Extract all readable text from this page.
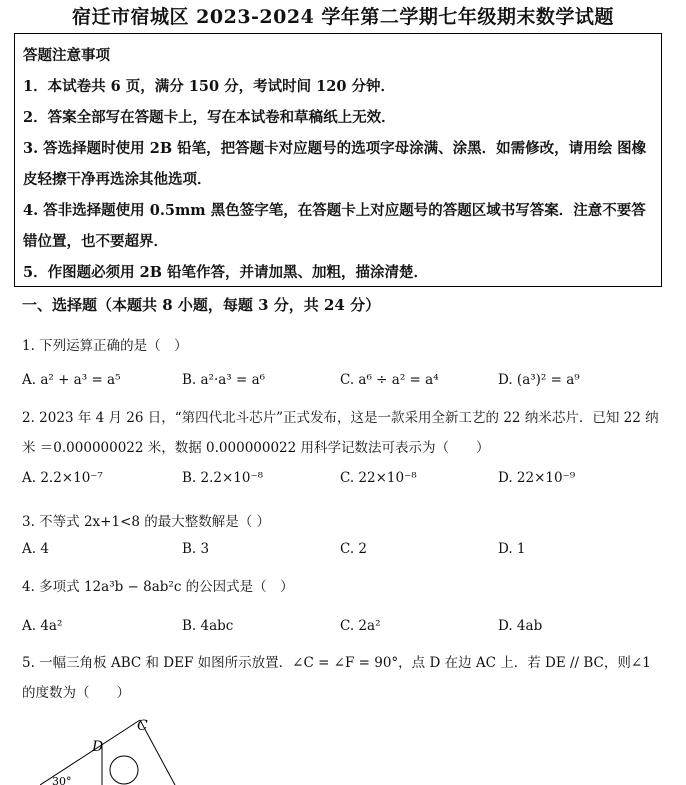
宿迁市宿城区 2023-2024 学年第二学期七年级期末数学试题

答题注意事项

1．本试卷共 6 页，满分 150 分，考试时间 120 分钟．

2．答案全部写在答题卡上，写在本试卷和草稿纸上无效．

3. 答选择题时使用 2B 铅笔，把答题卡对应题号的选项字母涂满、涂黑．如需修改，请用绘 图橡皮轻擦干净再选涂其他选项．

4. 答非选择题使用 0.5mm 黑色签字笔，在答题卡上对应题号的答题区域书写答案．注意不要答错位置，也不要超界．

5．作图题必须用 2B 铅笔作答，并请加黑、加粗，描涂清楚．

一、选择题（本题共 8 小题，每题 3 分，共 24 分）
1. 下列运算正确的是（　）
A. a² + a³ = a⁵	B. a²·a³ = a⁶	C. a⁶ ÷ a² = a⁴	D. (a³)² = a⁹
2. 2023 年 4 月 26 日，“第四代北斗芯片”正式发布，这是一款采用全新工艺的 22 纳米芯片．已知 22 纳米 ＝0.000000022 米，数据 0.000000022 用科学记数法可表示为（　　）
A. 2.2×10⁻⁷	B. 2.2×10⁻⁸	C. 22×10⁻⁸	D. 22×10⁻⁹
3. 不等式 2x+1<8 的最大整数解是（ ）
A. 4	B. 3	C. 2	D. 1
4. 多项式 12a³b − 8ab²c 的公因式是（　）
A. 4a²	B. 4abc	C. 2a²	D. 4ab
5. 一幅三角板 ABC 和 DEF 如图所示放置．∠C = ∠F = 90°，点 D 在边 AC 上．若 DE // BC，则∠1 的度数为（　　）
C
D
30°
